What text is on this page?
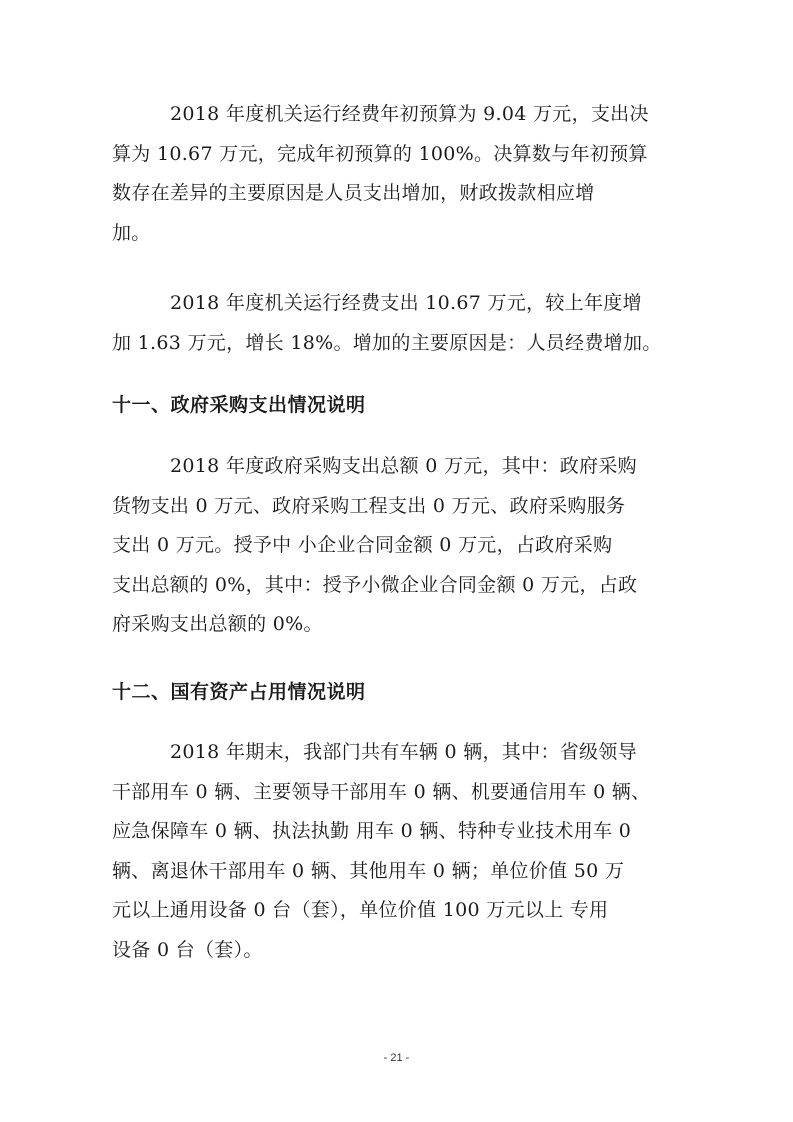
2018 年度机关运行经费年初预算为 9.04 万元，支出决
算为 10.67 万元，完成年初预算的 100%。决算数与年初预算
数存在差异的主要原因是人员支出增加，财政拨款相应增
加。
2018 年度机关运行经费支出 10.67 万元，较上年度增
加 1.63 万元，增长 18%。增加的主要原因是：人员经费增加。
十一、政府采购支出情况说明
2018 年度政府采购支出总额 0 万元，其中：政府采购
货物支出 0 万元、政府采购工程支出 0 万元、政府采购服务
支出 0 万元。授予中 小企业合同金额 0 万元，占政府采购
支出总额的 0%，其中：授予小微企业合同金额 0 万元，占政
府采购支出总额的 0%。
十二、国有资产占用情况说明
2018 年期末，我部门共有车辆 0 辆，其中：省级领导
干部用车 0 辆、主要领导干部用车 0 辆、机要通信用车 0 辆、
应急保障车 0 辆、执法执勤 用车 0 辆、特种专业技术用车 0
辆、离退休干部用车 0 辆、其他用车 0 辆；单位价值 50 万
元以上通用设备 0 台（套），单位价值 100 万元以上 专用
设备 0 台（套）。
- 21 -
